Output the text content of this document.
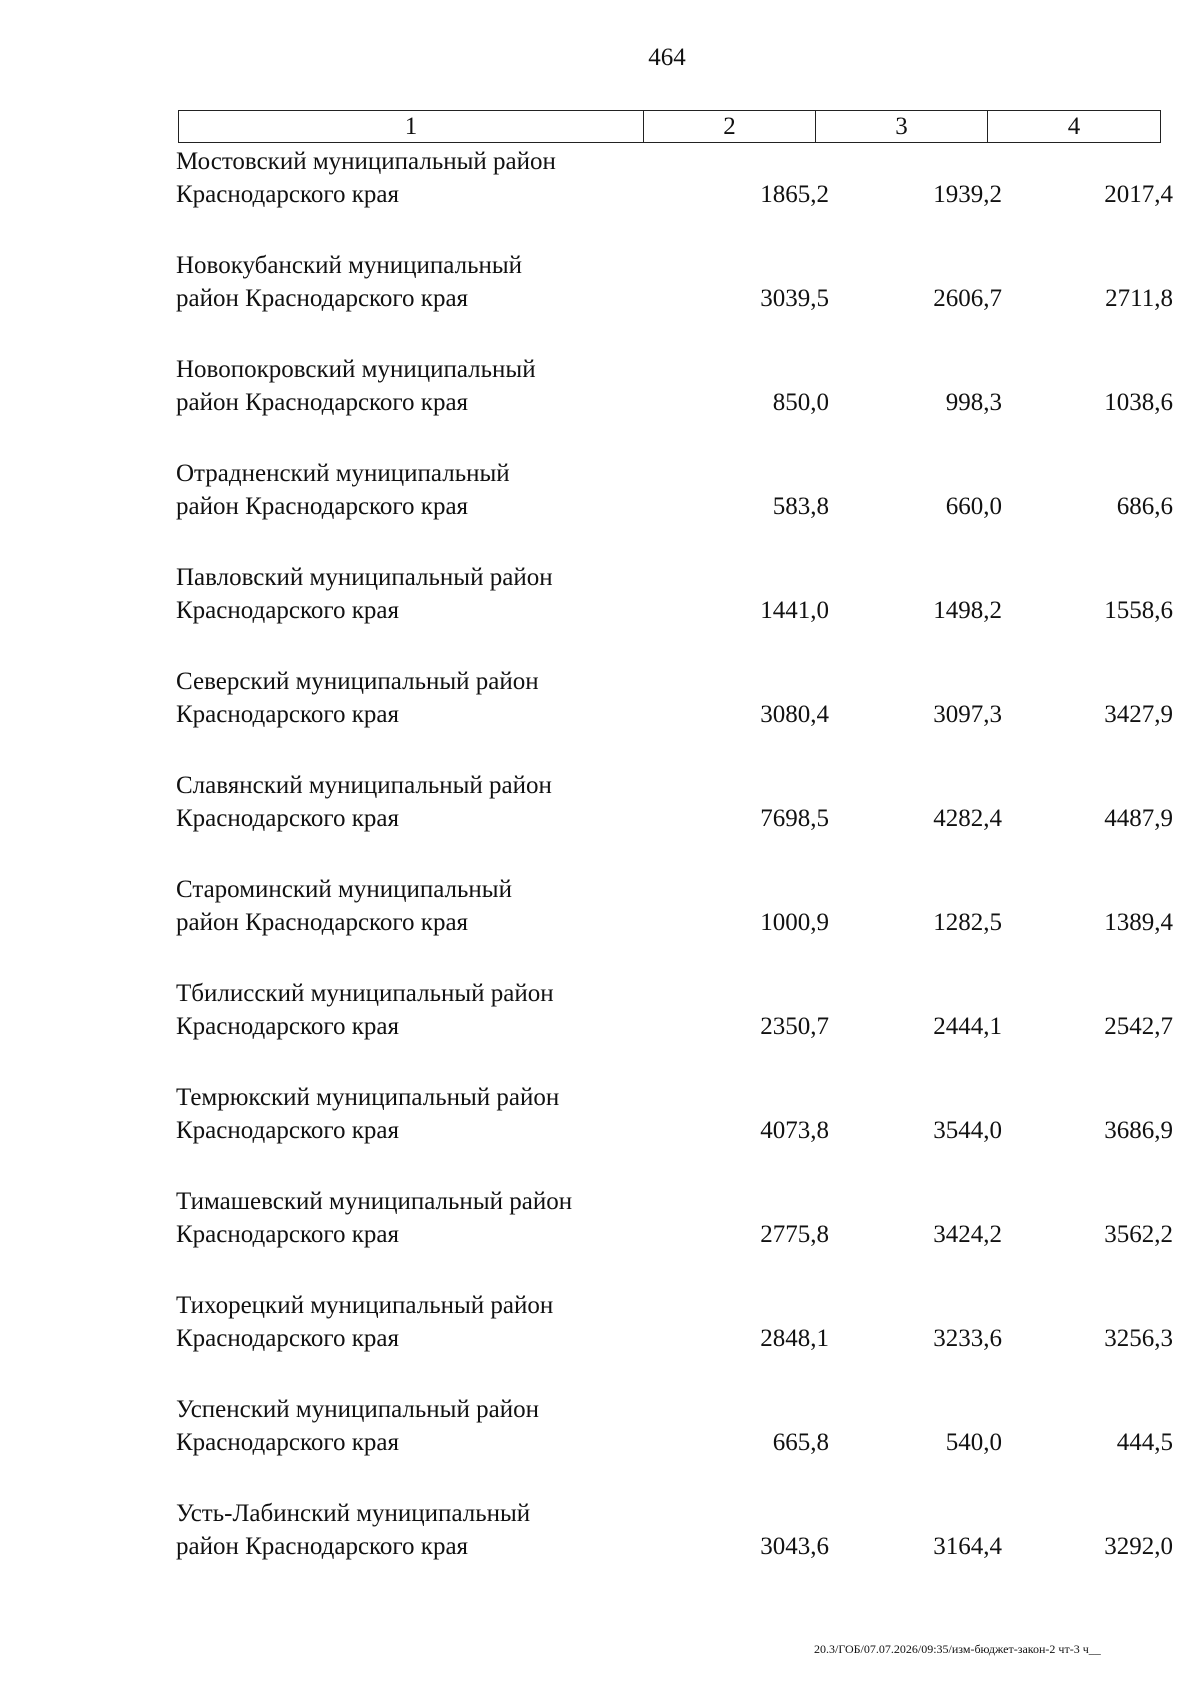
464
1	2	3	4
Мостовский муниципальный район
Краснодарского края	1865,2	1939,2	2017,4
Новокубанский муниципальный
район Краснодарского края	3039,5	2606,7	2711,8
Новопокровский муниципальный
район Краснодарского края	850,0	998,3	1038,6
Отрадненский муниципальный
район Краснодарского края	583,8	660,0	686,6
Павловский муниципальный район
Краснодарского края	1441,0	1498,2	1558,6
Северский муниципальный район
Краснодарского края	3080,4	3097,3	3427,9
Славянский муниципальный район
Краснодарского края	7698,5	4282,4	4487,9
Староминский муниципальный
район Краснодарского края	1000,9	1282,5	1389,4
Тбилисский муниципальный район
Краснодарского края	2350,7	2444,1	2542,7
Темрюкский муниципальный район
Краснодарского края	4073,8	3544,0	3686,9
Тимашевский муниципальный район
Краснодарского края	2775,8	3424,2	3562,2
Тихорецкий муниципальный район
Краснодарского края	2848,1	3233,6	3256,3
Успенский муниципальный район
Краснодарского края	665,8	540,0	444,5
Усть-Лабинский муниципальный
район Краснодарского края	3043,6	3164,4	3292,0
20.3/ГОБ/07.07.2026/09:35/изм-бюджет-закон-2 чт-3 ч__
